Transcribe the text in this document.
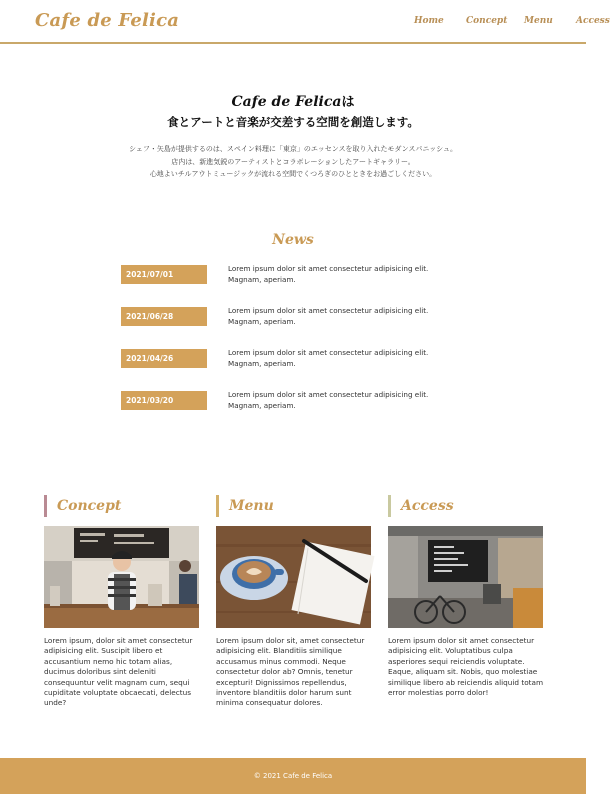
Cafe de Felica	Home Concept Menu	Access
Cafe de Felicaは
食とアートと音楽が交差する空間を創造します。
シェフ・矢島が提供するのは、スペイン料理に「東京」のエッセンスを取り入れたモダンスパニッシュ。
店内は、新進気鋭のアーティストとコラボレーションしたアートギャラリー。
心地よいチルアウトミュージックが流れる空間でくつろぎのひとときをお過ごしください。
News
2021/07/01
Lorem ipsum dolor sit amet consectetur adipisicing elit. Magnam, aperiam.
2021/06/28
Lorem ipsum dolor sit amet consectetur adipisicing elit. Magnam, aperiam.
2021/04/26
Lorem ipsum dolor sit amet consectetur adipisicing elit. Magnam, aperiam.
2021/03/20
Lorem ipsum dolor sit amet consectetur adipisicing elit. Magnam, aperiam.
Concept
Lorem ipsum, dolor sit amet consectetur adipisicing elit. Suscipit libero et accusantium nemo hic totam alias, ducimus doloribus sint deleniti consequuntur velit magnam cum, sequi cupiditate voluptate obcaecati, delectus unde?
Menu
Lorem ipsum dolor sit, amet consectetur adipisicing elit. Blanditiis similique accusamus minus commodi. Neque consectetur dolor ab? Omnis, tenetur excepturi! Dignissimos repellendus, inventore blanditiis dolor harum sunt minima consequatur dolores.
Access
Lorem ipsum dolor sit amet consectetur adipisicing elit. Voluptatibus culpa asperiores sequi reiciendis voluptate. Eaque, aliquam sit. Nobis, quo molestiae similique libero ab reiciendis aliquid totam error molestias porro dolor!
© 2021 Cafe de Felica
